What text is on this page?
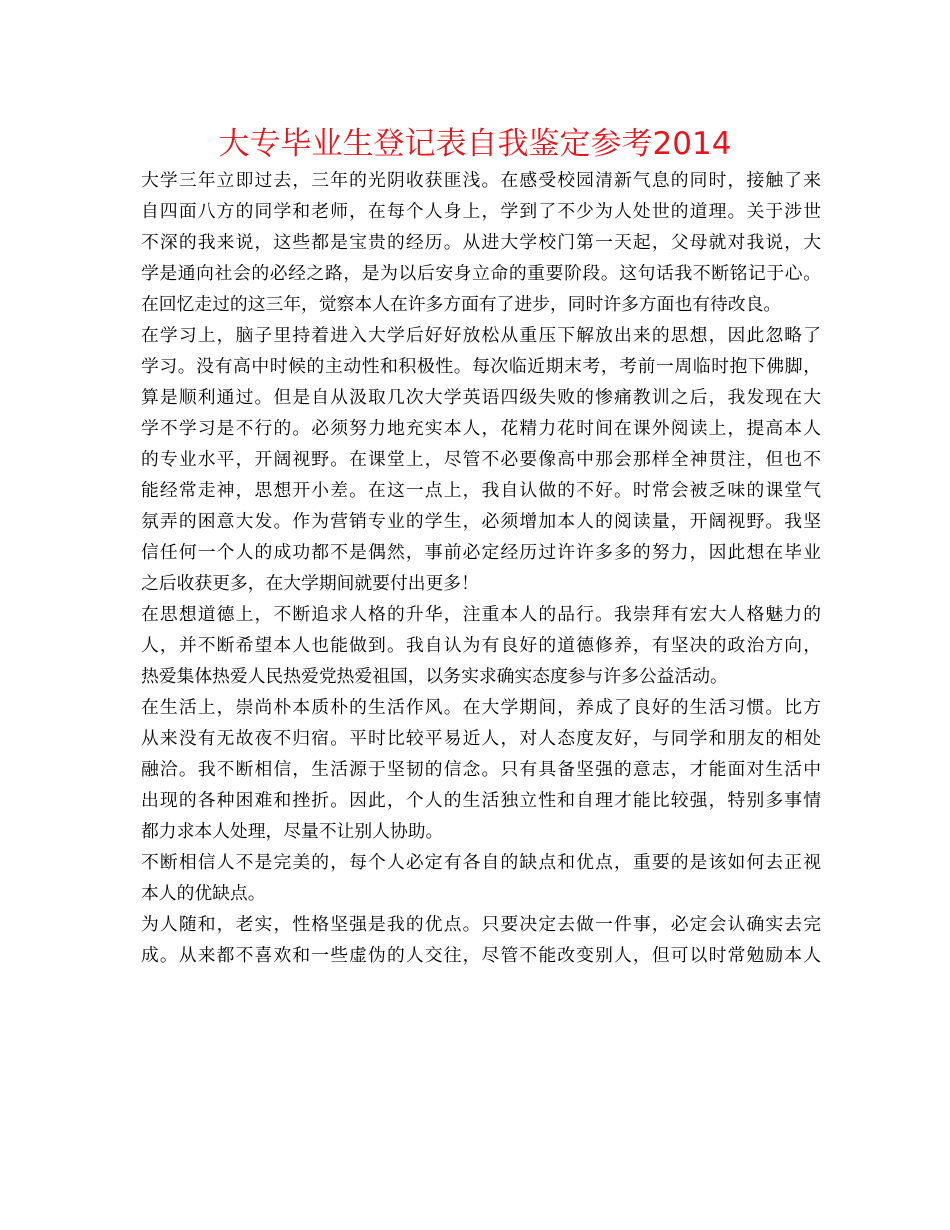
大专毕业生登记表自我鉴定参考2014
大学三年立即过去，三年的光阴收获匪浅。在感受校园清新气息的同时，接触了来
自四面八方的同学和老师，在每个人身上，学到了不少为人处世的道理。关于涉世
不深的我来说，这些都是宝贵的经历。从进大学校门第一天起，父母就对我说，大
学是通向社会的必经之路，是为以后安身立命的重要阶段。这句话我不断铭记于心。
在回忆走过的这三年，觉察本人在许多方面有了进步，同时许多方面也有待改良。
在学习上，脑子里持着进入大学后好好放松从重压下解放出来的思想，因此忽略了
学习。没有高中时候的主动性和积极性。每次临近期末考，考前一周临时抱下佛脚，
算是顺利通过。但是自从汲取几次大学英语四级失败的惨痛教训之后，我发现在大
学不学习是不行的。必须努力地充实本人，花精力花时间在课外阅读上，提高本人
的专业水平，开阔视野。在课堂上，尽管不必要像高中那会那样全神贯注，但也不
能经常走神，思想开小差。在这一点上，我自认做的不好。时常会被乏味的课堂气
氛弄的困意大发。作为营销专业的学生，必须增加本人的阅读量，开阔视野。我坚
信任何一个人的成功都不是偶然，事前必定经历过许许多多的努力，因此想在毕业
之后收获更多，在大学期间就要付出更多！
在思想道德上，不断追求人格的升华，注重本人的品行。我崇拜有宏大人格魅力的
人，并不断希望本人也能做到。我自认为有良好的道德修养，有坚决的政治方向，
热爱集体热爱人民热爱党热爱祖国，以务实求确实态度参与许多公益活动。
在生活上，崇尚朴本质朴的生活作风。在大学期间，养成了良好的生活习惯。比方
从来没有无故夜不归宿。平时比较平易近人，对人态度友好，与同学和朋友的相处
融洽。我不断相信，生活源于坚韧的信念。只有具备坚强的意志，才能面对生活中
出现的各种困难和挫折。因此，个人的生活独立性和自理才能比较强，特别多事情
都力求本人处理，尽量不让别人协助。
不断相信人不是完美的，每个人必定有各自的缺点和优点，重要的是该如何去正视
本人的优缺点。
为人随和，老实，性格坚强是我的优点。只要决定去做一件事，必定会认确实去完
成。从来都不喜欢和一些虚伪的人交往，尽管不能改变别人，但可以时常勉励本人
